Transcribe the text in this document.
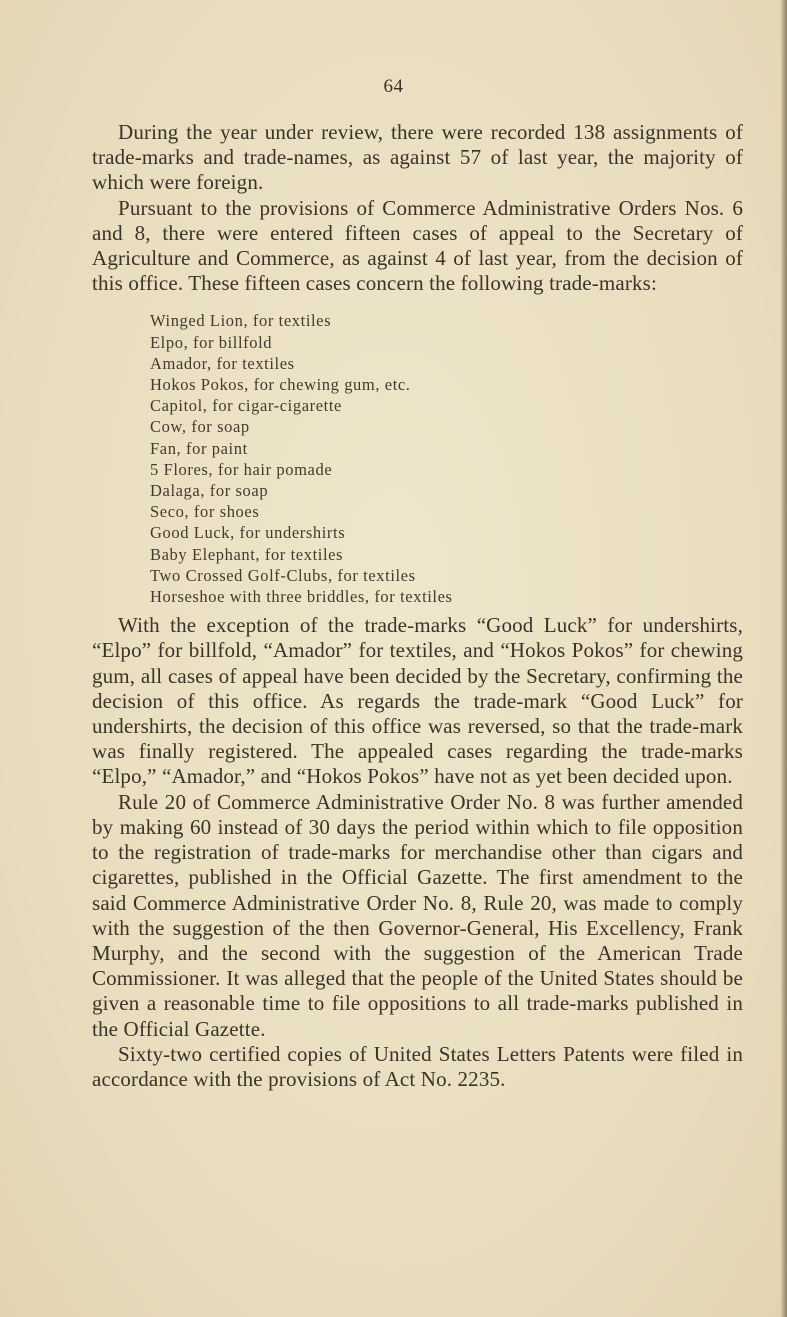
64

During the year under review, there were recorded 138 assignments of trade-marks and trade-names, as against 57 of last year, the majority of which were foreign.

Pursuant to the provisions of Commerce Administrative Orders Nos. 6 and 8, there were entered fifteen cases of appeal to the Secretary of Agriculture and Commerce, as against 4 of last year, from the decision of this office. These fifteen cases concern the following trade-marks:

Winged Lion, for textiles
Elpo, for billfold
Amador, for textiles
Hokos Pokos, for chewing gum, etc.
Capitol, for cigar-cigarette
Cow, for soap
Fan, for paint
5 Flores, for hair pomade
Dalaga, for soap
Seco, for shoes
Good Luck, for undershirts
Baby Elephant, for textiles
Two Crossed Golf-Clubs, for textiles
Horseshoe with three briddles, for textiles

With the exception of the trade-marks “Good Luck” for undershirts, “Elpo” for billfold, “Amador” for textiles, and “Hokos Pokos” for chewing gum, all cases of appeal have been decided by the Secretary, confirming the decision of this office. As regards the trade-mark “Good Luck” for undershirts, the decision of this office was reversed, so that the trade-mark was finally registered. The appealed cases regarding the trade-marks “Elpo,” “Amador,” and “Hokos Pokos” have not as yet been decided upon.

Rule 20 of Commerce Administrative Order No. 8 was further amended by making 60 instead of 30 days the period within which to file opposition to the registration of trade-marks for merchandise other than cigars and cigarettes, published in the Official Gazette. The first amendment to the said Commerce Administrative Order No. 8, Rule 20, was made to comply with the suggestion of the then Governor-General, His Excellency, Frank Murphy, and the second with the suggestion of the American Trade Commissioner. It was alleged that the people of the United States should be given a reasonable time to file oppositions to all trade-marks published in the Official Gazette.

Sixty-two certified copies of United States Letters Patents were filed in accordance with the provisions of Act No. 2235.
